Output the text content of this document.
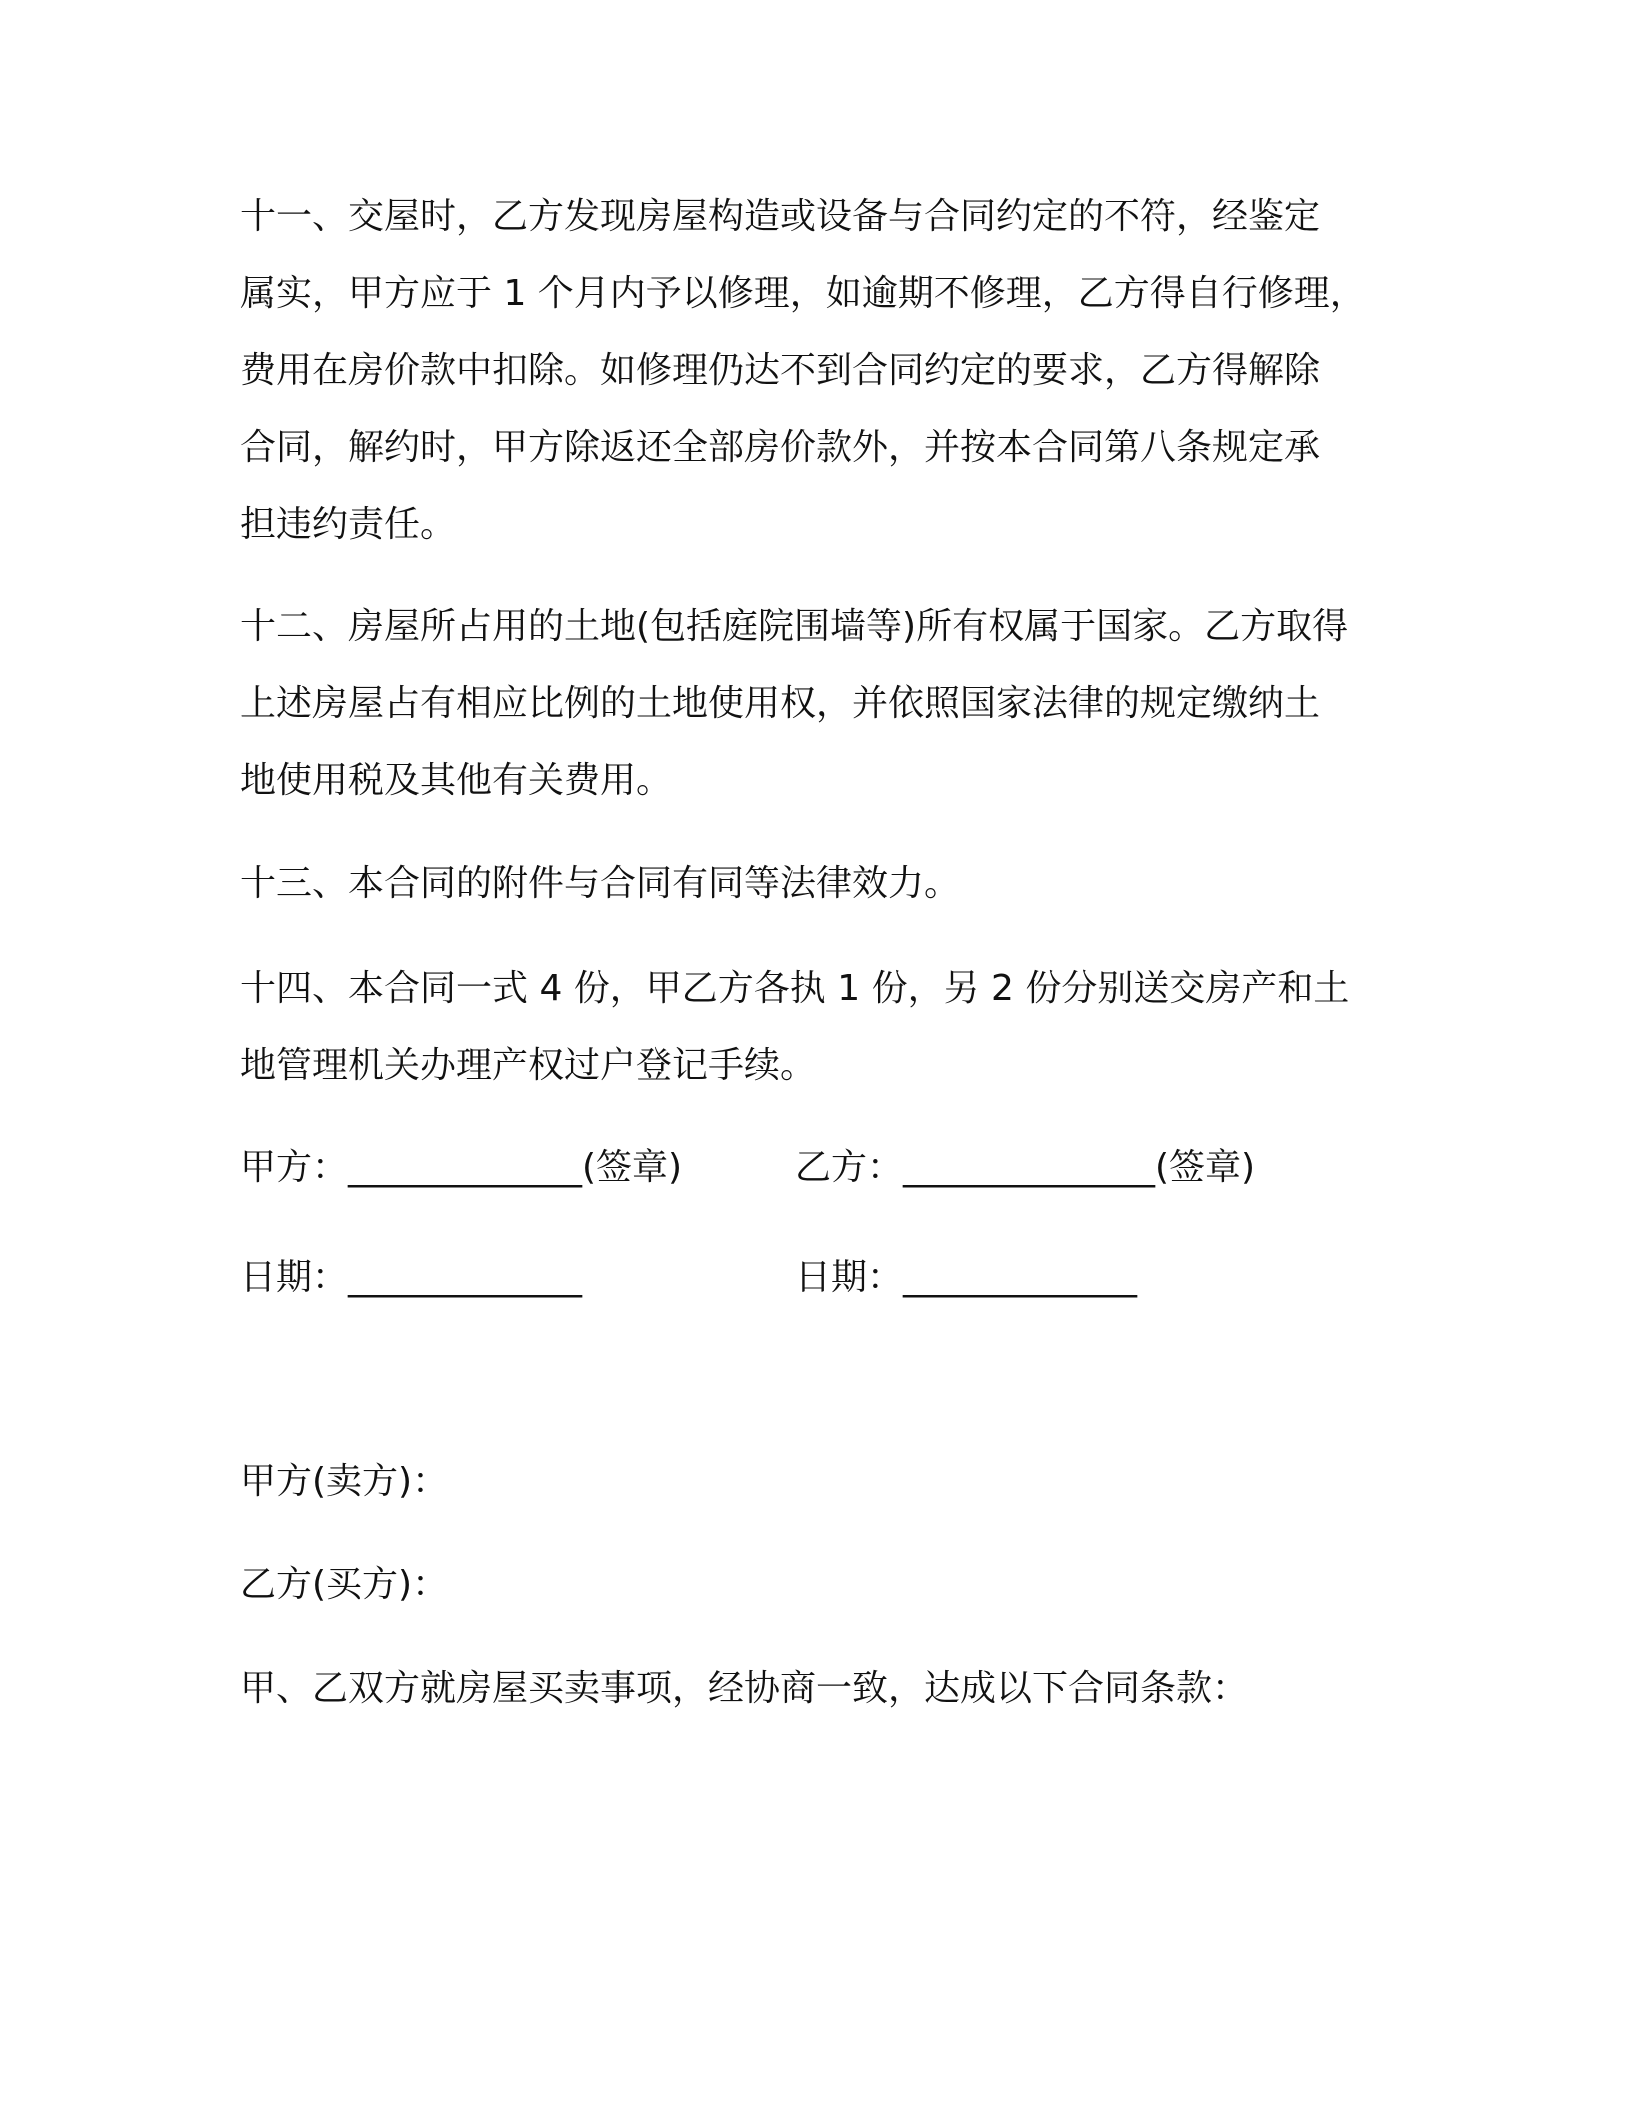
十一、交屋时，乙方发现房屋构造或设备与合同约定的不符，经鉴定
属实，甲方应于 1 个月内予以修理，如逾期不修理，乙方得自行修理，
费用在房价款中扣除。如修理仍达不到合同约定的要求，乙方得解除
合同，解约时，甲方除返还全部房价款外，并按本合同第八条规定承
担违约责任。
十二、房屋所占用的土地(包括庭院围墙等)所有权属于国家。乙方取得
上述房屋占有相应比例的土地使用权，并依照国家法律的规定缴纳土
地使用税及其他有关费用。
十三、本合同的附件与合同有同等法律效力。
十四、本合同一式 4 份，甲乙方各执 1 份，另 2 份分别送交房产和土
地管理机关办理产权过户登记手续。
甲方：_____________(签章)	乙方：______________(签章)
日期：_____________	日期：_____________
甲方(卖方)：
乙方(买方)：
甲、乙双方就房屋买卖事项，经协商一致，达成以下合同条款：
